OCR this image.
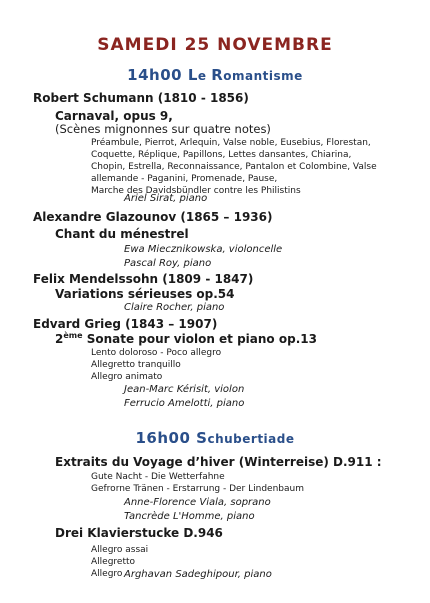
SAMEDI 25 NOVEMBRE
14h00 Le Romantisme
Robert Schumann (1810 - 1856)
Carnaval, opus 9,
(Scènes mignonnes sur quatre notes)
Préambule, Pierrot, Arlequin, Valse noble, Eusebius, Florestan,
Coquette, Réplique, Papillons, Lettes dansantes, Chiarina,
Chopin, Estrella, Reconnaissance, Pantalon et Colombine, Valse
allemande - Paganini, Promenade, Pause,
Marche des Davidsbündler contre les Philistins
Ariel Sirat, piano
Alexandre Glazounov (1865 – 1936)
Chant du ménestrel
Ewa Miecznikowska, violoncelle
Pascal Roy, piano
Felix Mendelssohn (1809 - 1847)
Variations sérieuses op.54
Claire Rocher, piano
Edvard Grieg (1843 – 1907)
2ème Sonate pour violon et piano op.13
Lento doloroso - Poco allegro
Allegretto tranquillo
Allegro animato
Jean-Marc Kérisit, violon
Ferrucio Amelotti, piano
16h00 Schubertiade
Extraits du Voyage d’hiver (Winterreise) D.911 :
Gute Nacht - Die Wetterfahne
Gefrorne Tränen - Erstarrung - Der Lindenbaum
Anne-Florence Viala, soprano
Tancrède L'Homme, piano
Drei Klavierstucke D.946
Allegro assai
Allegretto
Allegro Arghavan Sadeghipour, piano
